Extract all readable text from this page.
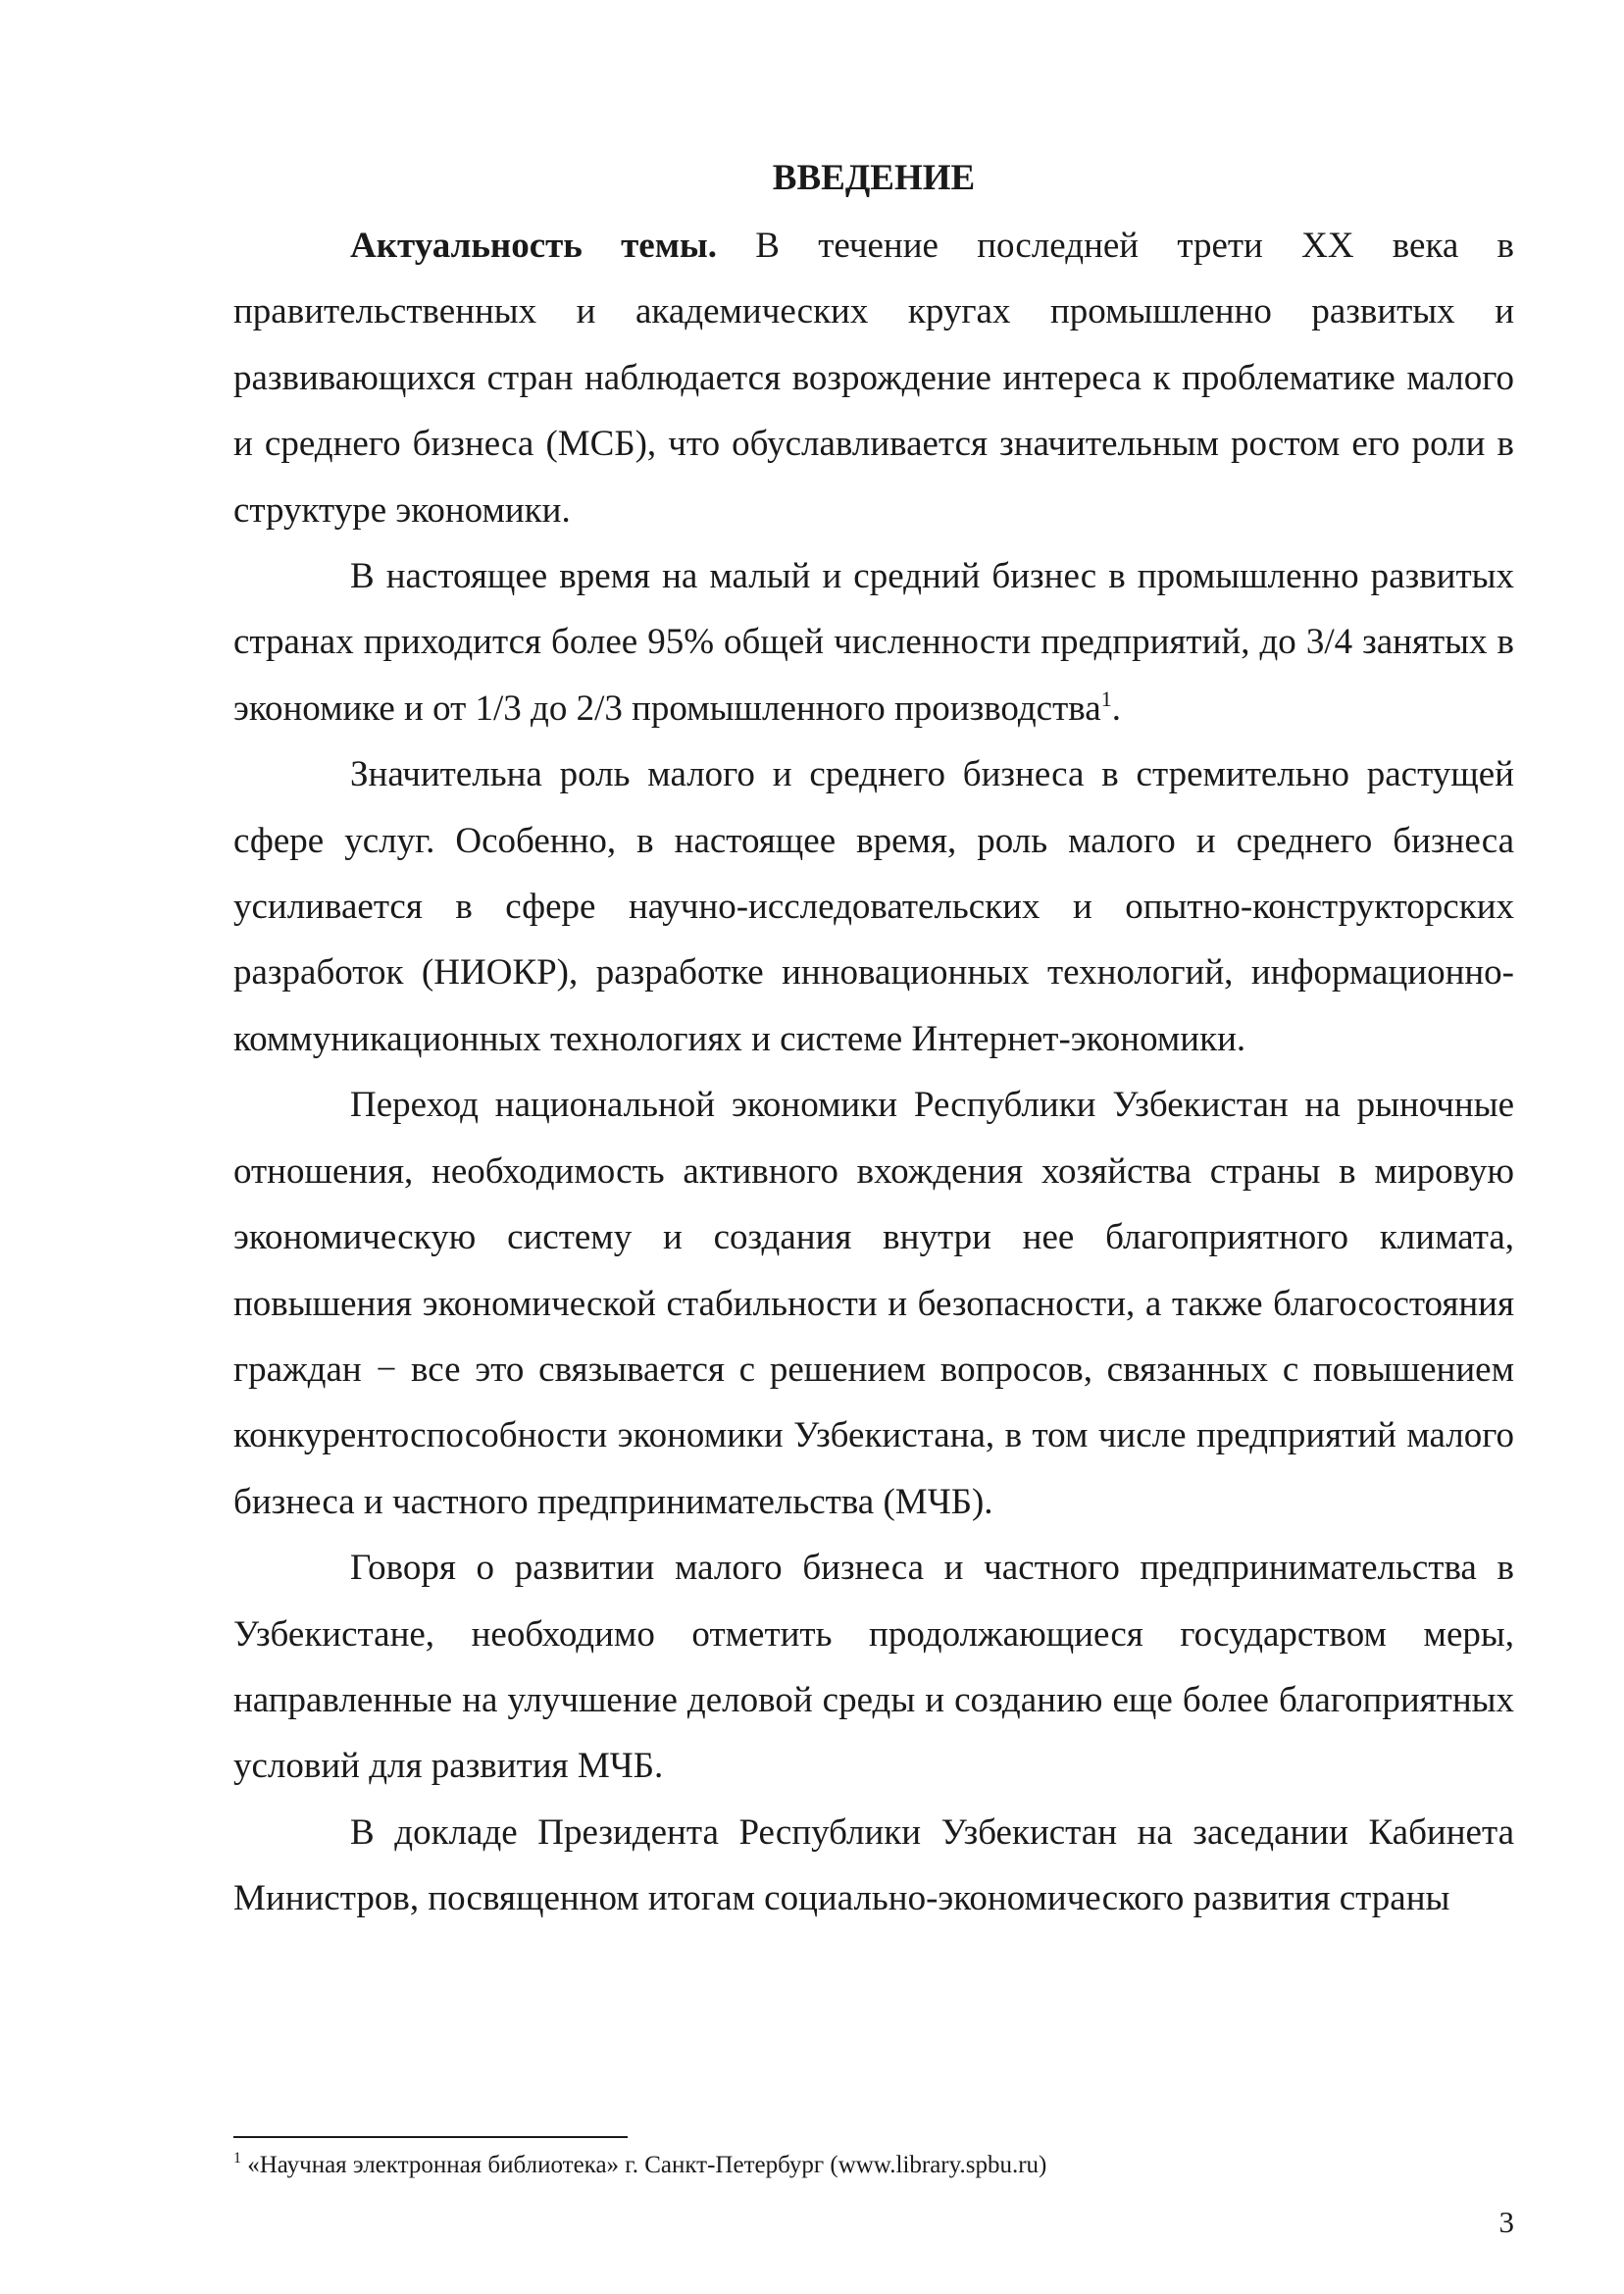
ВВЕДЕНИЕ

Актуальность темы. В течение последней трети XX века в правительственных и академических кругах промышленно развитых и развивающихся стран наблюдается возрождение интереса к проблематике малого и среднего бизнеса (МСБ), что обуславливается значительным ростом его роли в структуре экономики.

В настоящее время на малый и средний бизнес в промышленно развитых странах приходится более 95% общей численности предприятий, до 3/4 занятых в экономике и от 1/3 до 2/3 промышленного производства$^1$.

Значительна роль малого и среднего бизнеса в стремительно растущей сфере услуг. Особенно, в настоящее время, роль малого и среднего бизнеса усиливается в сфере научно-исследовательских и опытно-конструкторских разработок (НИОКР), разработке инновационных технологий, информационно-коммуникационных технологиях и системе Интернет-экономики.

Переход национальной экономики Республики Узбекистан на рыночные отношения, необходимость активного вхождения хозяйства страны в мировую экономическую систему и создания внутри нее благоприятного климата, повышения экономической стабильности и безопасности, а также благосостояния граждан − все это связывается с решением вопросов, связанных с повышением конкурентоспособности экономики Узбекистана, в том числе предприятий малого бизнеса и частного предпринимательства (МЧБ).

Говоря о развитии малого бизнеса и частного предпринимательства в Узбекистане, необходимо отметить продолжающиеся государством меры, направленные на улучшение деловой среды и созданию еще более благоприятных условий для развития МЧБ.

В докладе Президента Республики Узбекистан на заседании Кабинета Министров, посвященном итогам социально-экономического развития страны

$^1$ «Научная электронная библиотека» г. Санкт-Петербург (www.library.spbu.ru)
3
